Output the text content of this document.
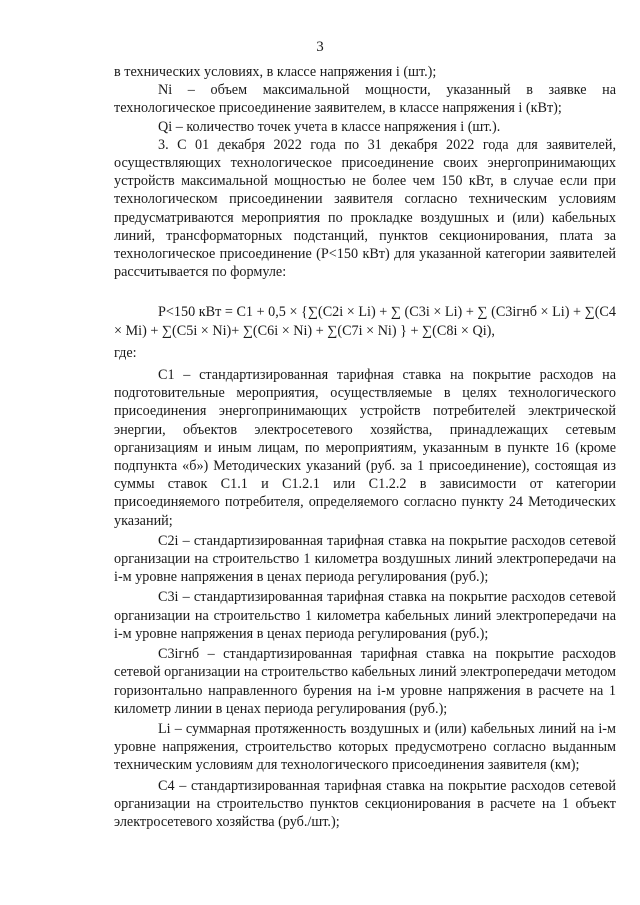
3

в технических условиях, в классе напряжения i (шт.);

Ni – объем максимальной мощности, указанный в заявке на технологическое присоединение заявителем, в классе напряжения i (кВт);

Qi – количество точек учета в классе напряжения i (шт.).

3. С 01 декабря 2022 года по 31 декабря 2022 года для заявителей, осуществляющих технологическое присоединение своих энергопринимающих устройств максимальной мощностью не более чем 150 кВт, в случае если при технологическом присоединении заявителя согласно техническим условиям предусматриваются мероприятия по прокладке воздушных и (или) кабельных линий, трансформаторных подстанций, пунктов секционирования, плата за технологическое присоединение (P<150 кВт) для указанной категории заявителей рассчитывается по формуле:

P<150 кВт = C1 + 0,5 × {∑(C2i × Li) + ∑ (C3i × Li) + ∑ (C3iгнб × Li) + ∑(C4 × Mi) + ∑(C5i × Ni)+ ∑(C6i × Ni) + ∑(C7i × Ni) } + ∑(C8i × Qi),

где:

C1 – стандартизированная тарифная ставка на покрытие расходов на подготовительные мероприятия, осуществляемые в целях технологического присоединения энергопринимающих устройств потребителей электрической энергии, объектов электросетевого хозяйства, принадлежащих сетевым организациям и иным лицам, по мероприятиям, указанным в пункте 16 (кроме подпункта «б») Методических указаний (руб. за 1 присоединение), состоящая из суммы ставок C1.1 и C1.2.1 или C1.2.2 в зависимости от категории присоединяемого потребителя, определяемого согласно пункту 24 Методических указаний;

C2i – стандартизированная тарифная ставка на покрытие расходов сетевой организации на строительство 1 километра воздушных линий электропередачи на i-м уровне напряжения в ценах периода регулирования (руб.);

C3i – стандартизированная тарифная ставка на покрытие расходов сетевой организации на строительство 1 километра кабельных линий электропередачи на i-м уровне напряжения в ценах периода регулирования (руб.);

C3iгнб – стандартизированная тарифная ставка на покрытие расходов сетевой организации на строительство кабельных линий электропередачи методом горизонтально направленного бурения на i-м уровне напряжения в расчете на 1 километр линии в ценах периода регулирования (руб.);

Li – суммарная протяженность воздушных и (или) кабельных линий на i-м уровне напряжения, строительство которых предусмотрено согласно выданным техническим условиям для технологического присоединения заявителя (км);

C4 – стандартизированная тарифная ставка на покрытие расходов сетевой организации на строительство пунктов секционирования в расчете на 1 объект электросетевого хозяйства (руб./шт.);
